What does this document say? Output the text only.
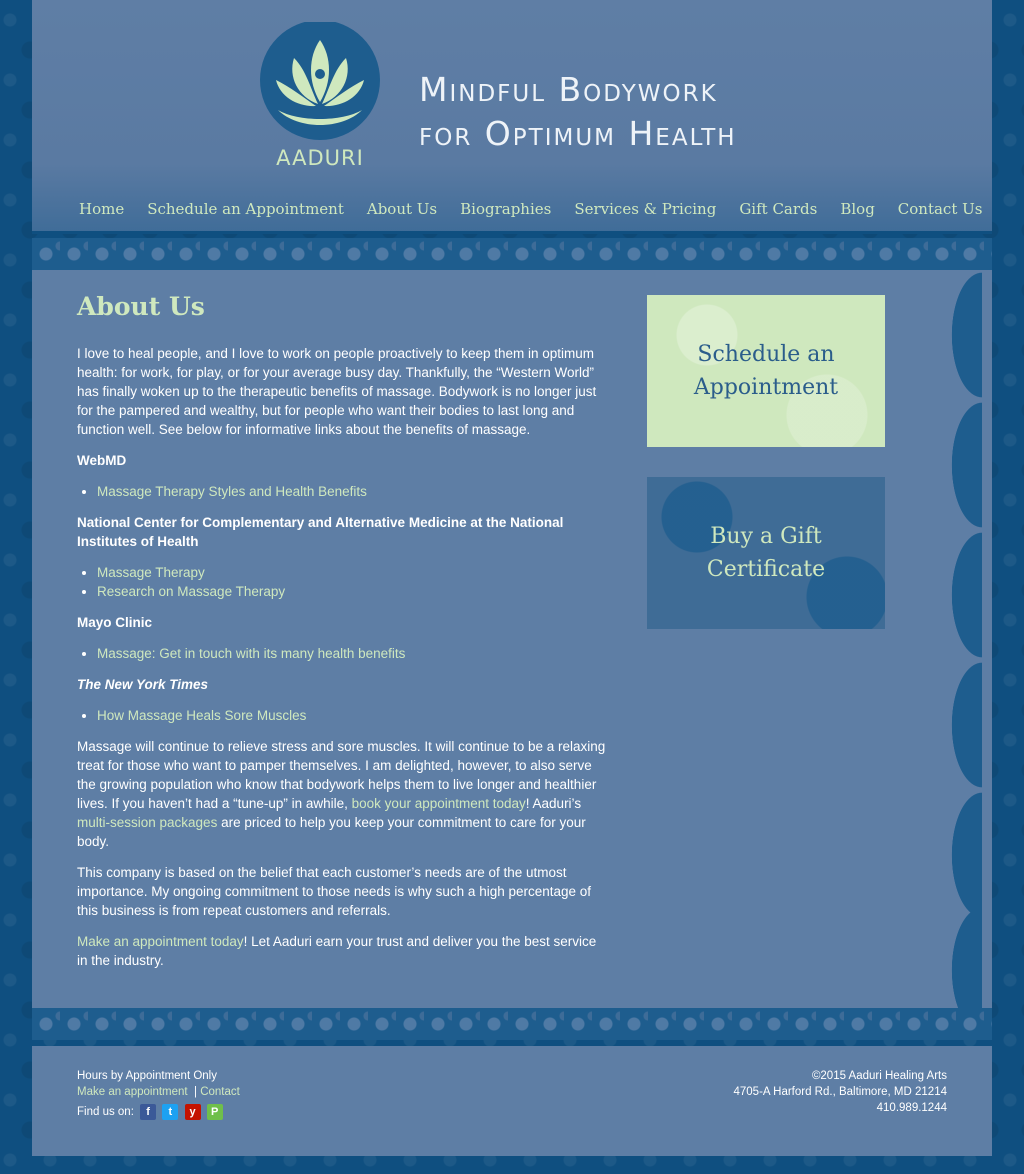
AADURI
Mindful Bodywork
for Optimum Health
Home Schedule an Appointment About Us Biographies Services & Pricing Gift Cards Blog Contact Us
About Us

I love to heal people, and I love to work on people proactively to keep them in optimum health: for work, for play, or for your average busy day. Thankfully, the “Western World” has finally woken up to the therapeutic benefits of massage. Bodywork is no longer just for the pampered and wealthy, but for people who want their bodies to last long and function well. See below for informative links about the benefits of massage.

WebMD
• Massage Therapy Styles and Health Benefits
National Center for Complementary and Alternative Medicine at the National Institutes of Health
• Massage Therapy
• Research on Massage Therapy
Mayo Clinic
• Massage: Get in touch with its many health benefits
The New York Times
• How Massage Heals Sore Muscles

Massage will continue to relieve stress and sore muscles. It will continue to be a relaxing treat for those who want to pamper themselves. I am delighted, however, to also serve the growing population who know that bodywork helps them to live longer and healthier lives. If you haven’t had a “tune-up” in awhile, book your appointment today! Aaduri’s multi-session packages are priced to help you keep your commitment to care for your body.

This company is based on the belief that each customer’s needs are of the utmost importance. My ongoing commitment to those needs is why such a high percentage of this business is from repeat customers and referrals.

Make an appointment today! Let Aaduri earn your trust and deliver you the best service in the industry.

Schedule an Appointment
Buy a Gift Certificate
Hours by Appointment Only
Make an appointment | Contact
Find us on: f t y P
©2015 Aaduri Healing Arts
4705-A Harford Rd., Baltimore, MD 21214
410.989.1244
